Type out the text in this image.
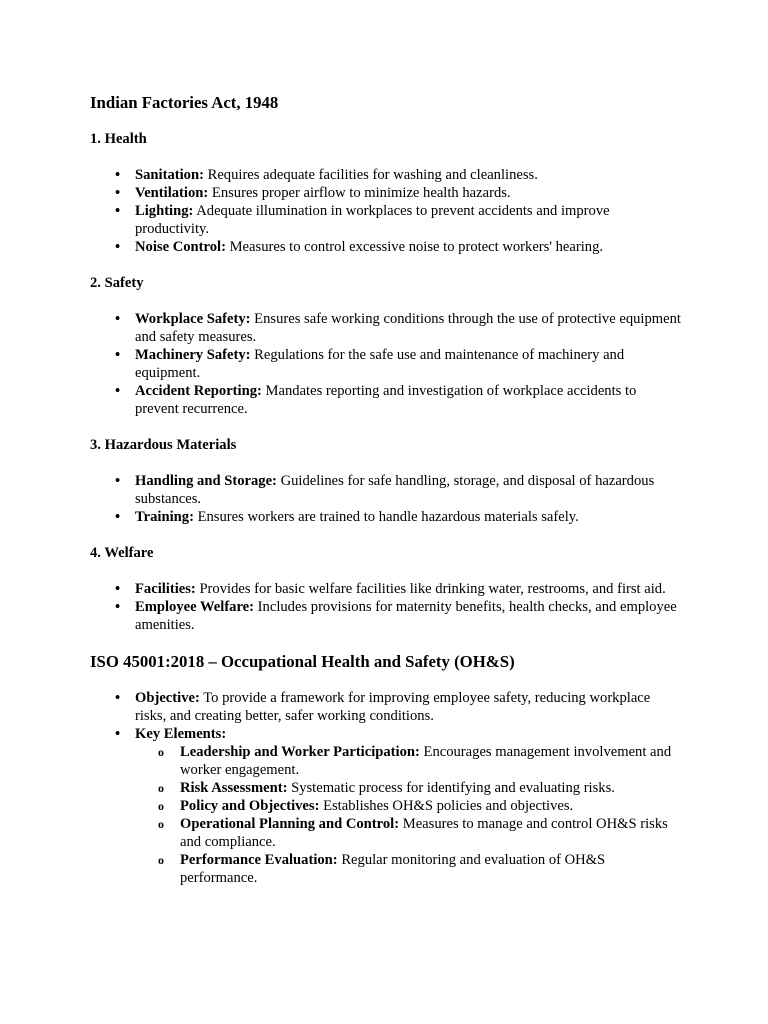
Indian Factories Act, 1948
1. Health
• Sanitation: Requires adequate facilities for washing and cleanliness.
• Ventilation: Ensures proper airflow to minimize health hazards.
• Lighting: Adequate illumination in workplaces to prevent accidents and improve productivity.
• Noise Control: Measures to control excessive noise to protect workers' hearing.
2. Safety
• Workplace Safety: Ensures safe working conditions through the use of protective equipment and safety measures.
• Machinery Safety: Regulations for the safe use and maintenance of machinery and equipment.
• Accident Reporting: Mandates reporting and investigation of workplace accidents to prevent recurrence.
3. Hazardous Materials
• Handling and Storage: Guidelines for safe handling, storage, and disposal of hazardous substances.
• Training: Ensures workers are trained to handle hazardous materials safely.
4. Welfare
• Facilities: Provides for basic welfare facilities like drinking water, restrooms, and first aid.
• Employee Welfare: Includes provisions for maternity benefits, health checks, and employee amenities.
ISO 45001:2018 – Occupational Health and Safety (OH&S)
• Objective: To provide a framework for improving employee safety, reducing workplace risks, and creating better, safer working conditions.
• Key Elements:
o Leadership and Worker Participation: Encourages management involvement and worker engagement.
o Risk Assessment: Systematic process for identifying and evaluating risks.
o Policy and Objectives: Establishes OH&S policies and objectives.
o Operational Planning and Control: Measures to manage and control OH&S risks and compliance.
o Performance Evaluation: Regular monitoring and evaluation of OH&S performance.
